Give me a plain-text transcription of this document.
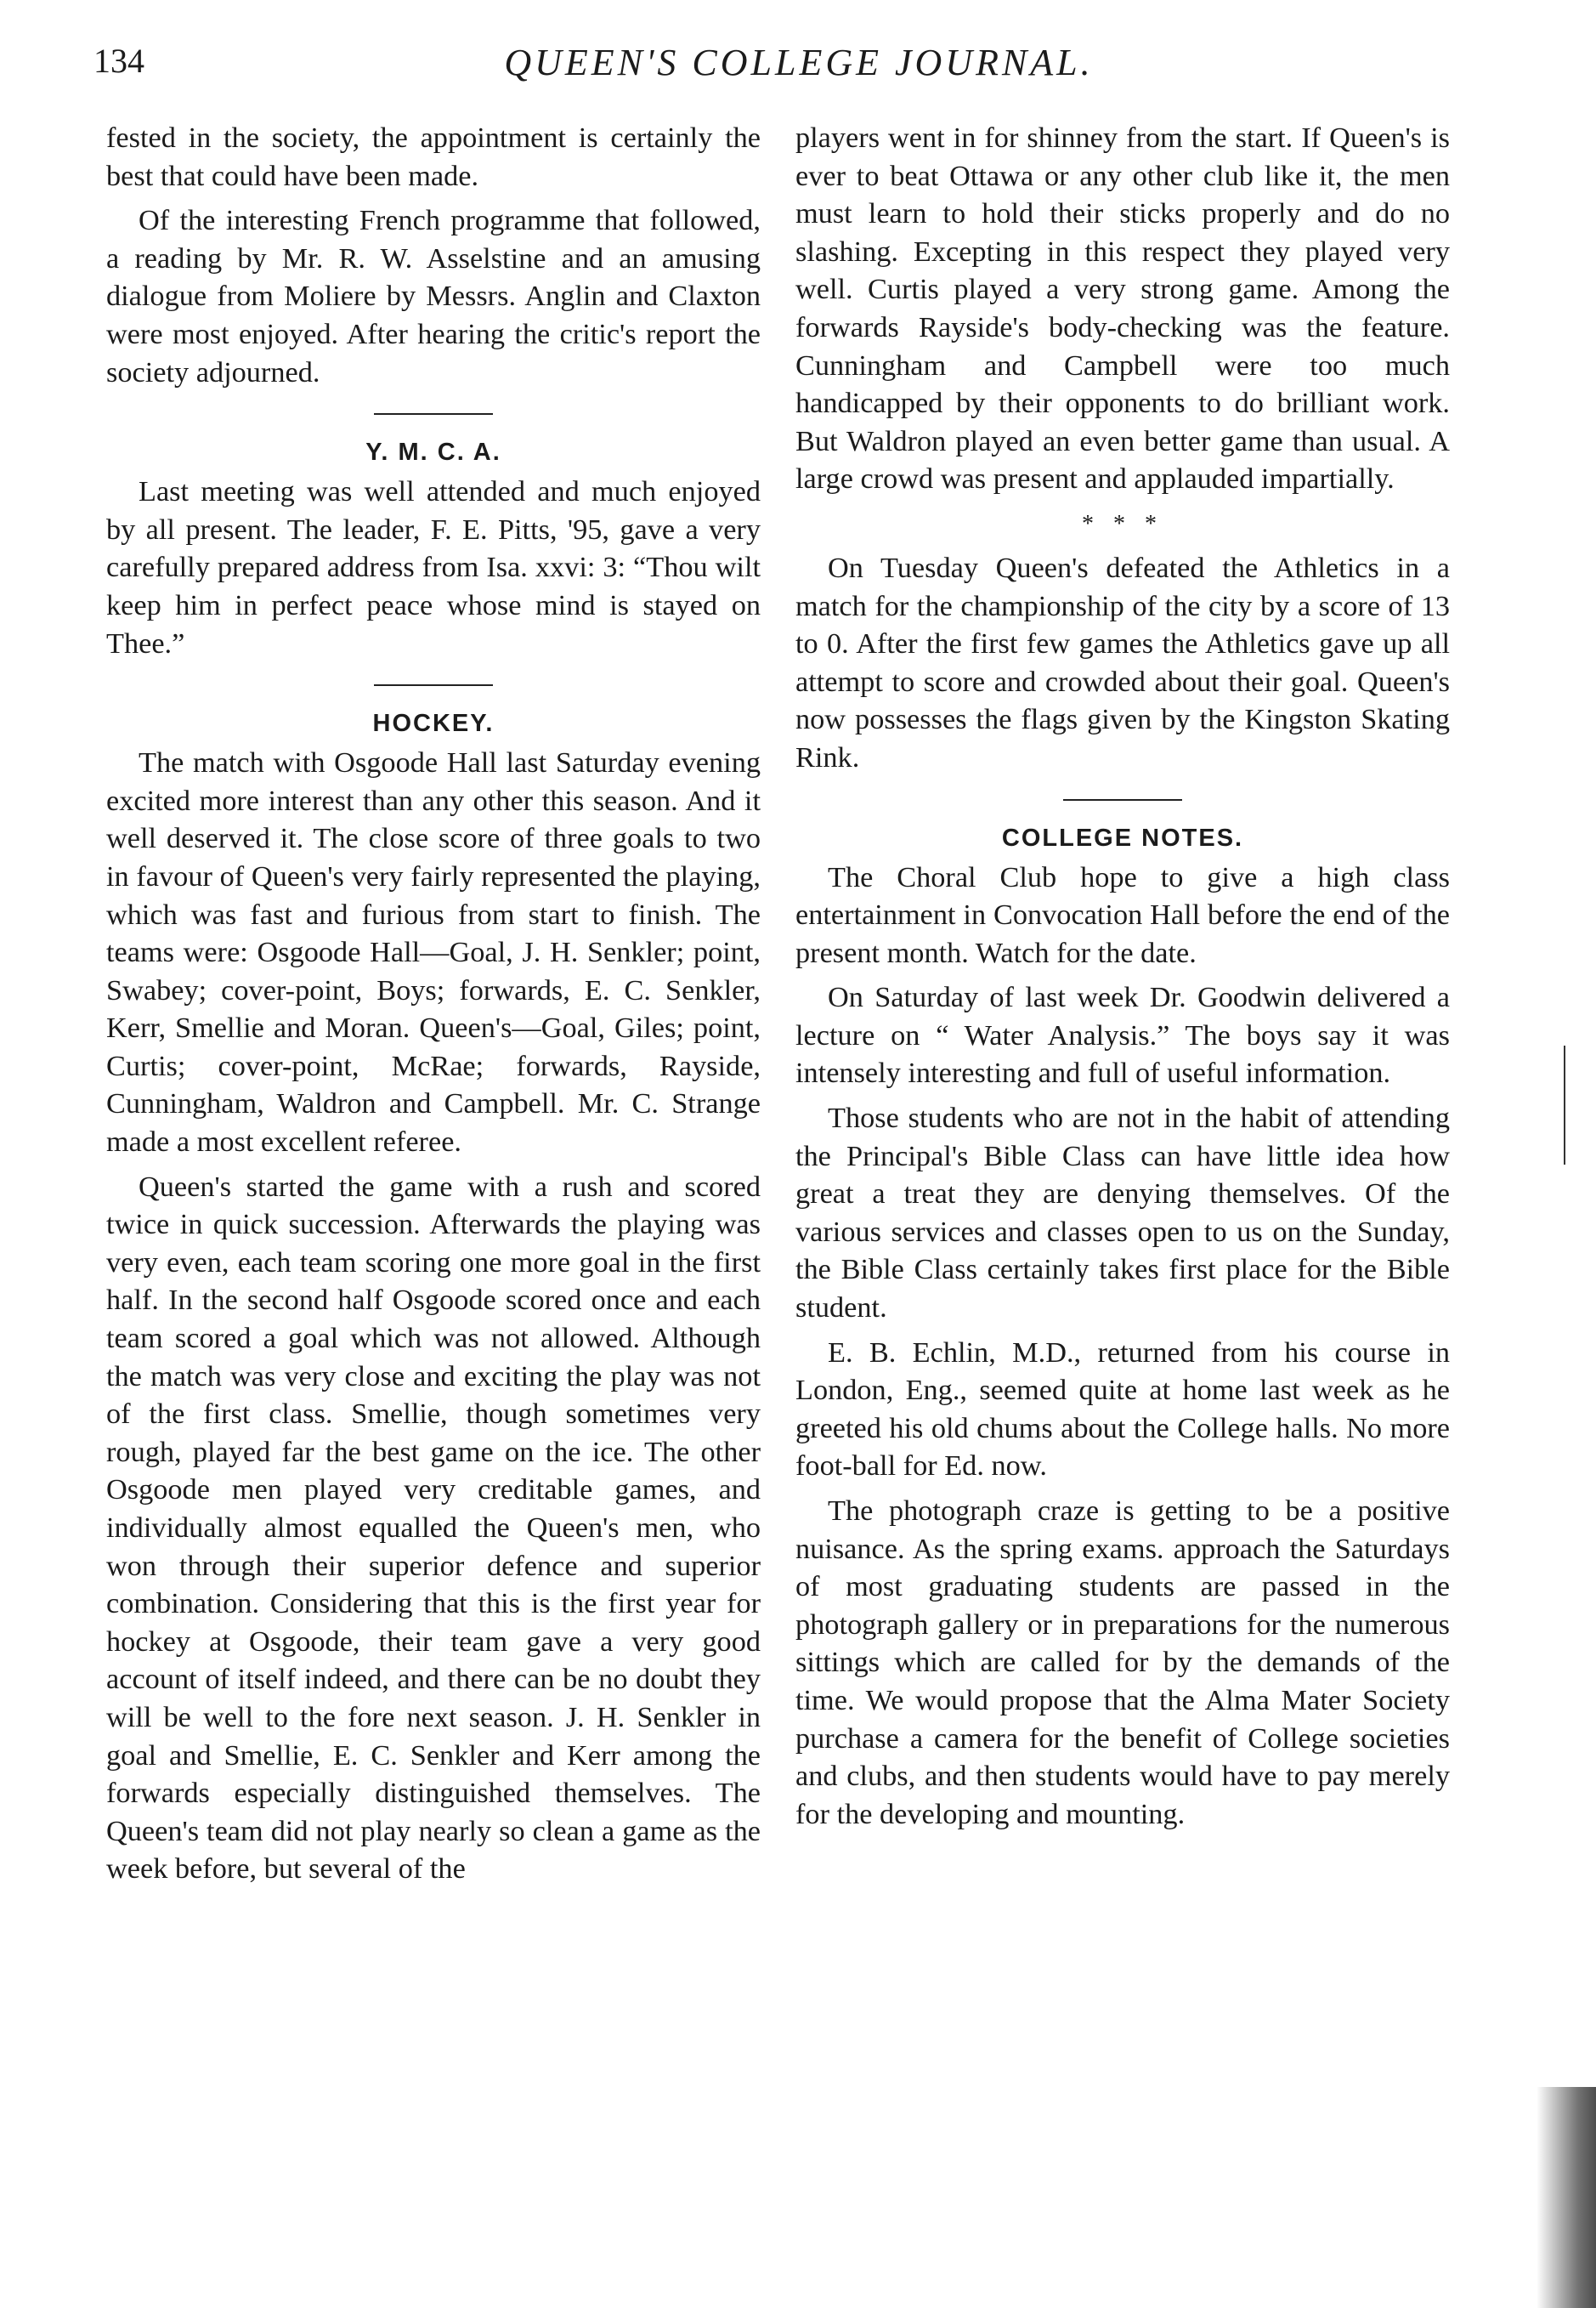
134	QUEEN'S COLLEGE JOURNAL.

fested in the society, the appointment is certainly the best that could have been made.

Of the interesting French programme that followed, a reading by Mr. R. W. Asselstine and an amusing dialogue from Moliere by Messrs. Anglin and Claxton were most enjoyed. After hearing the critic's report the society adjourned.

Y. M. C. A.

Last meeting was well attended and much enjoyed by all present. The leader, F. E. Pitts, '95, gave a very carefully prepared address from Isa. xxvi: 3: “Thou wilt keep him in perfect peace whose mind is stayed on Thee.”

HOCKEY.

The match with Osgoode Hall last Saturday evening excited more interest than any other this season. And it well deserved it. The close score of three goals to two in favour of Queen's very fairly represented the playing, which was fast and furious from start to finish. The teams were: Osgoode Hall—Goal, J. H. Senkler; point, Swabey; cover-point, Boys; forwards, E. C. Senkler, Kerr, Smellie and Moran. Queen's—Goal, Giles; point, Curtis; cover-point, McRae; forwards, Rayside, Cunningham, Waldron and Campbell. Mr. C. Strange made a most excellent referee.

Queen's started the game with a rush and scored twice in quick succession. Afterwards the playing was very even, each team scoring one more goal in the first half. In the second half Osgoode scored once and each team scored a goal which was not allowed. Although the match was very close and exciting the play was not of the first class. Smellie, though sometimes very rough, played far the best game on the ice. The other Osgoode men played very creditable games, and individually almost equalled the Queen's men, who won through their superior defence and superior combination. Considering that this is the first year for hockey at Osgoode, their team gave a very good account of itself indeed, and there can be no doubt they will be well to the fore next season. J. H. Senkler in goal and Smellie, E. C. Senkler and Kerr among the forwards especially distinguished themselves. The Queen's team did not play nearly so clean a game as the week before, but several of the

players went in for shinney from the start. If Queen's is ever to beat Ottawa or any other club like it, the men must learn to hold their sticks properly and do no slashing. Excepting in this respect they played very well. Curtis played a very strong game. Among the forwards Rayside's body-checking was the feature. Cunningham and Campbell were too much handicapped by their opponents to do brilliant work. But Waldron played an even better game than usual. A large crowd was present and applauded impartially.

* * *

On Tuesday Queen's defeated the Athletics in a match for the championship of the city by a score of 13 to 0. After the first few games the Athletics gave up all attempt to score and crowded about their goal. Queen's now possesses the flags given by the Kingston Skating Rink.

COLLEGE NOTES.

The Choral Club hope to give a high class entertainment in Convocation Hall before the end of the present month. Watch for the date.

On Saturday of last week Dr. Goodwin delivered a lecture on “ Water Analysis.” The boys say it was intensely interesting and full of useful information.

Those students who are not in the habit of attending the Principal's Bible Class can have little idea how great a treat they are denying themselves. Of the various services and classes open to us on the Sunday, the Bible Class certainly takes first place for the Bible student.

E. B. Echlin, M.D., returned from his course in London, Eng., seemed quite at home last week as he greeted his old chums about the College halls. No more foot-ball for Ed. now.

The photograph craze is getting to be a positive nuisance. As the spring exams. approach the Saturdays of most graduating students are passed in the photograph gallery or in preparations for the numerous sittings which are called for by the demands of the time. We would propose that the Alma Mater Society purchase a camera for the benefit of College societies and clubs, and then students would have to pay merely for the developing and mounting.
